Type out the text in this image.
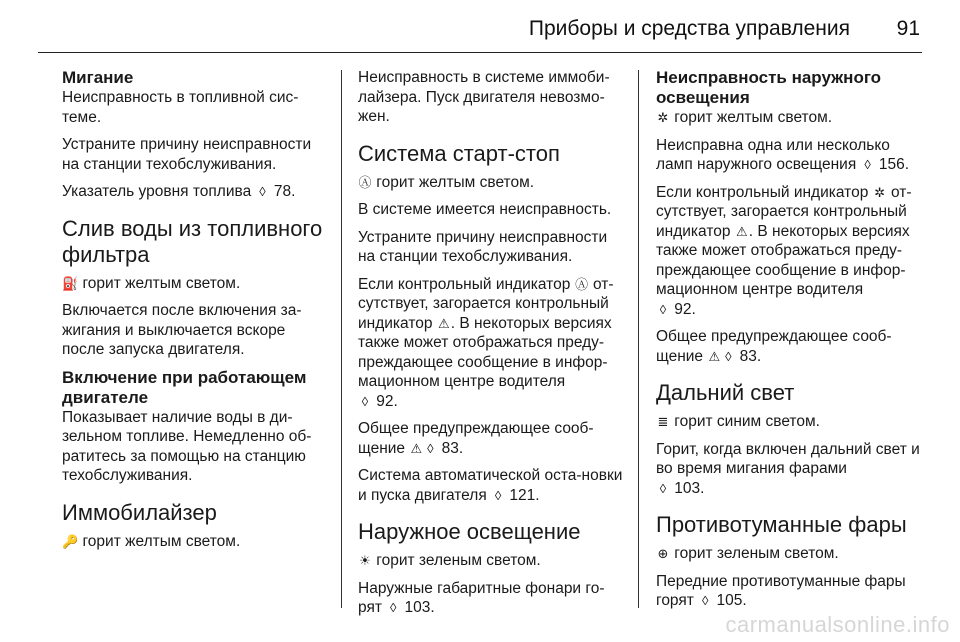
Приборы и средства управления 91
Мигание

Неисправность в топливной сис-теме.

Устраните причину неисправности на станции техобслуживания.

Указатель уровня топлива ◊ 78.

Слив воды из топливного фильтра

⛽ горит желтым светом.

Включается после включения за-жигания и выключается вскоре после запуска двигателя.

Включение при работающем двигателе

Показывает наличие воды в ди-зельном топливе. Немедленно об-ратитесь за помощью на станцию техобслуживания.

Иммобилайзер

🔑 горит желтым светом.

Неисправность в системе иммоби-лайзера. Пуск двигателя невозмо-жен.

Система старт-стоп

Ⓐ горит желтым светом.

В системе имеется неисправность.

Устраните причину неисправности на станции техобслуживания.

Если контрольный индикатор Ⓐ от-сутствует, загорается контрольный индикатор ⚠. В некоторых версиях также может отображаться преду-преждающее сообщение в инфор-мационном центре водителя
◊ 92.

Общее предупреждающее сооб-щение ⚠ ◊ 83.

Система автоматической оста-новки и пуска двигателя ◊ 121.

Наружное освещение

☀ горит зеленым светом.

Наружные габаритные фонари го-рят ◊ 103.

Неисправность наружного освещения

✲ горит желтым светом.

Неисправна одна или несколько ламп наружного освещения ◊ 156.

Если контрольный индикатор ✲ от-сутствует, загорается контрольный индикатор ⚠. В некоторых версиях также может отображаться преду-преждающее сообщение в инфор-мационном центре водителя
◊ 92.

Общее предупреждающее сооб-щение ⚠ ◊ 83.

Дальний свет

≣ горит синим светом.

Горит, когда включен дальний свет и во время мигания фарами
◊ 103.

Противотуманные фары

⊕ горит зеленым светом.

Передние противотуманные фары горят ◊ 105.

carmanualsonline.info
